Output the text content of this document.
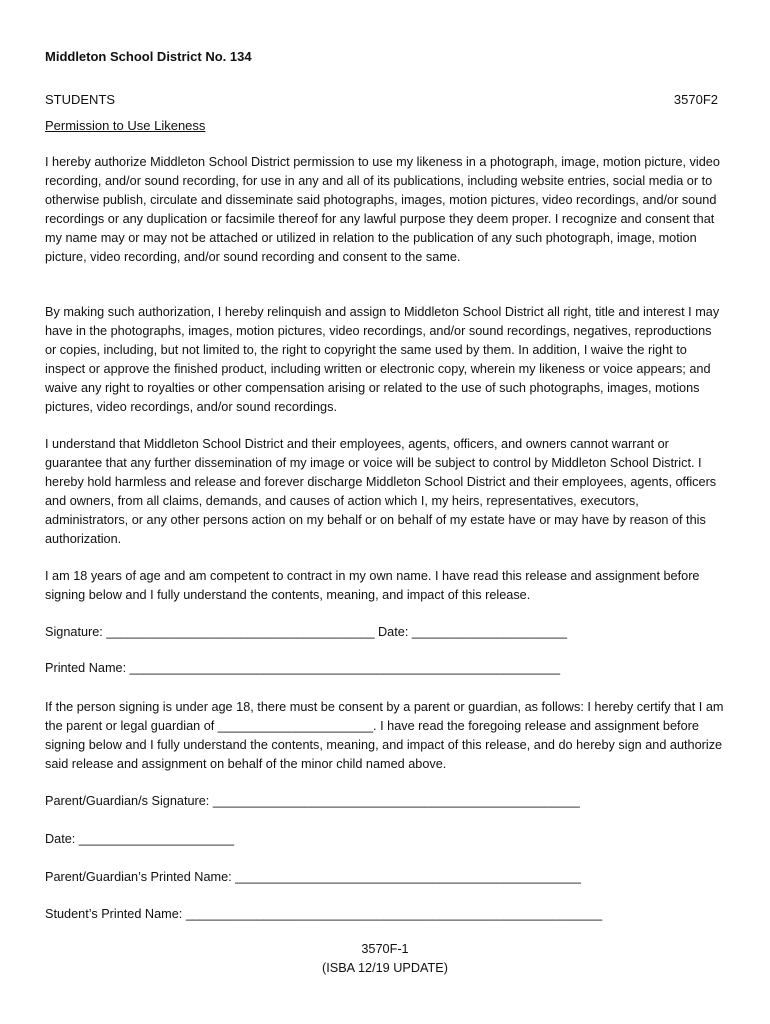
Middleton School District No. 134
STUDENTS	3570F2
Permission to Use Likeness

I hereby authorize Middleton School District permission to use my likeness in a photograph, image, motion picture, video recording, and/or sound recording, for use in any and all of its publications, including website entries, social media or to otherwise publish, circulate and disseminate said photographs, images, motion pictures, video recordings, and/or sound recordings or any duplication or facsimile thereof for any lawful purpose they deem proper. I recognize and consent that my name may or may not be attached or utilized in relation to the publication of any such photograph, image, motion picture, video recording, and/or sound recording and consent to the same.

By making such authorization, I hereby relinquish and assign to Middleton School District all right, title and interest I may have in the photographs, images, motion pictures, video recordings, and/or sound recordings, negatives, reproductions or copies, including, but not limited to, the right to copyright the same used by them. In addition, I waive the right to inspect or approve the finished product, including written or electronic copy, wherein my likeness or voice appears; and waive any right to royalties or other compensation arising or related to the use of such photographs, images, motions pictures, video recordings, and/or sound recordings.

I understand that Middleton School District and their employees, agents, officers, and owners cannot warrant or guarantee that any further dissemination of my image or voice will be subject to control by Middleton School District. I hereby hold harmless and release and forever discharge Middleton School District and their employees, agents, officers and owners, from all claims, demands, and causes of action which I, my heirs, representatives, executors, administrators, or any other persons action on my behalf or on behalf of my estate have or may have by reason of this authorization.

I am 18 years of age and am competent to contract in my own name. I have read this release and assignment before signing below and I fully understand the contents, meaning, and impact of this release.

Signature: ______________________________________ Date: ______________________
Printed Name: _____________________________________________________________

If the person signing is under age 18, there must be consent by a parent or guardian, as follows: I hereby certify that I am the parent or legal guardian of ______________________. I have read the foregoing release and assignment before signing below and I fully understand the contents, meaning, and impact of this release, and do hereby sign and authorize said release and assignment on behalf of the minor child named above.

Parent/Guardian/s Signature: ____________________________________________________
Date: ______________________
Parent/Guardian’s Printed Name: _________________________________________________
Student’s Printed Name: ___________________________________________________________
3570F-1
(ISBA 12/19 UPDATE)
